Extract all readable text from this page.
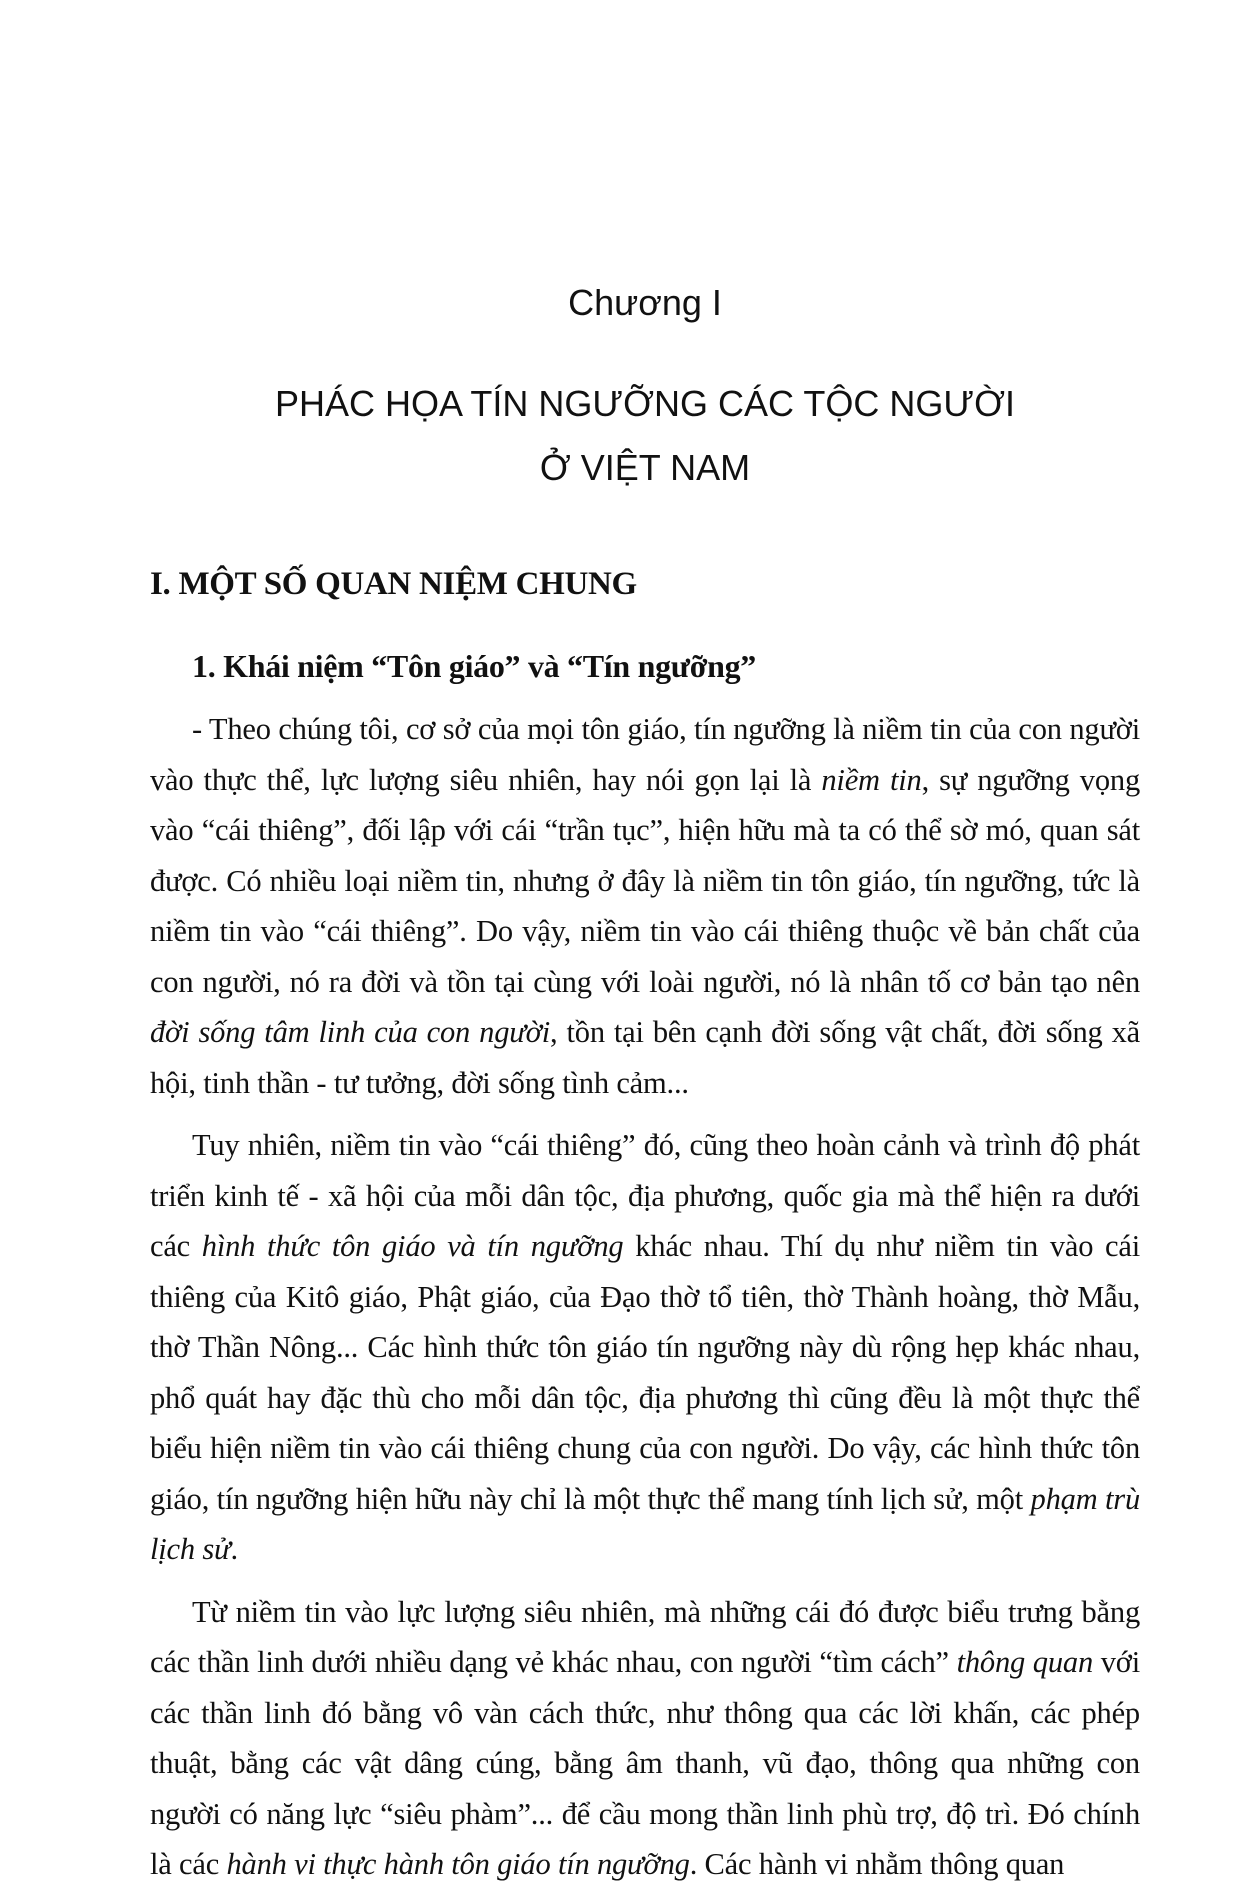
Chương I
PHÁC HỌA TÍN NGƯỠNG CÁC TỘC NGƯỜI
Ở VIỆT NAM
I. MỘT SỐ QUAN NIỆM CHUNG
1. Khái niệm “Tôn giáo” và “Tín ngưỡng”

- Theo chúng tôi, cơ sở của mọi tôn giáo, tín ngưỡng là niềm tin của con người vào thực thể, lực lượng siêu nhiên, hay nói gọn lại là niềm tin, sự ngưỡng vọng vào “cái thiêng”, đối lập với cái “trần tục”, hiện hữu mà ta có thể sờ mó, quan sát được. Có nhiều loại niềm tin, nhưng ở đây là niềm tin tôn giáo, tín ngưỡng, tức là niềm tin vào “cái thiêng”. Do vậy, niềm tin vào cái thiêng thuộc về bản chất của con người, nó ra đời và tồn tại cùng với loài người, nó là nhân tố cơ bản tạo nên đời sống tâm linh của con người, tồn tại bên cạnh đời sống vật chất, đời sống xã hội, tinh thần - tư tưởng, đời sống tình cảm...

Tuy nhiên, niềm tin vào “cái thiêng” đó, cũng theo hoàn cảnh và trình độ phát triển kinh tế - xã hội của mỗi dân tộc, địa phương, quốc gia mà thể hiện ra dưới các hình thức tôn giáo và tín ngưỡng khác nhau. Thí dụ như niềm tin vào cái thiêng của Kitô giáo, Phật giáo, của Đạo thờ tổ tiên, thờ Thành hoàng, thờ Mẫu, thờ Thần Nông... Các hình thức tôn giáo tín ngưỡng này dù rộng hẹp khác nhau, phổ quát hay đặc thù cho mỗi dân tộc, địa phương thì cũng đều là một thực thể biểu hiện niềm tin vào cái thiêng chung của con người. Do vậy, các hình thức tôn giáo, tín ngưỡng hiện hữu này chỉ là một thực thể mang tính lịch sử, một phạm trù lịch sử.

Từ niềm tin vào lực lượng siêu nhiên, mà những cái đó được biểu trưng bằng các thần linh dưới nhiều dạng vẻ khác nhau, con người “tìm cách” thông quan với các thần linh đó bằng vô vàn cách thức, như thông qua các lời khấn, các phép thuật, bằng các vật dâng cúng, bằng âm thanh, vũ đạo, thông qua những con người có năng lực “siêu phàm”... để cầu mong thần linh phù trợ, độ trì. Đó chính là các hành vi thực hành tôn giáo tín ngưỡng. Các hành vi nhằm thông quan
